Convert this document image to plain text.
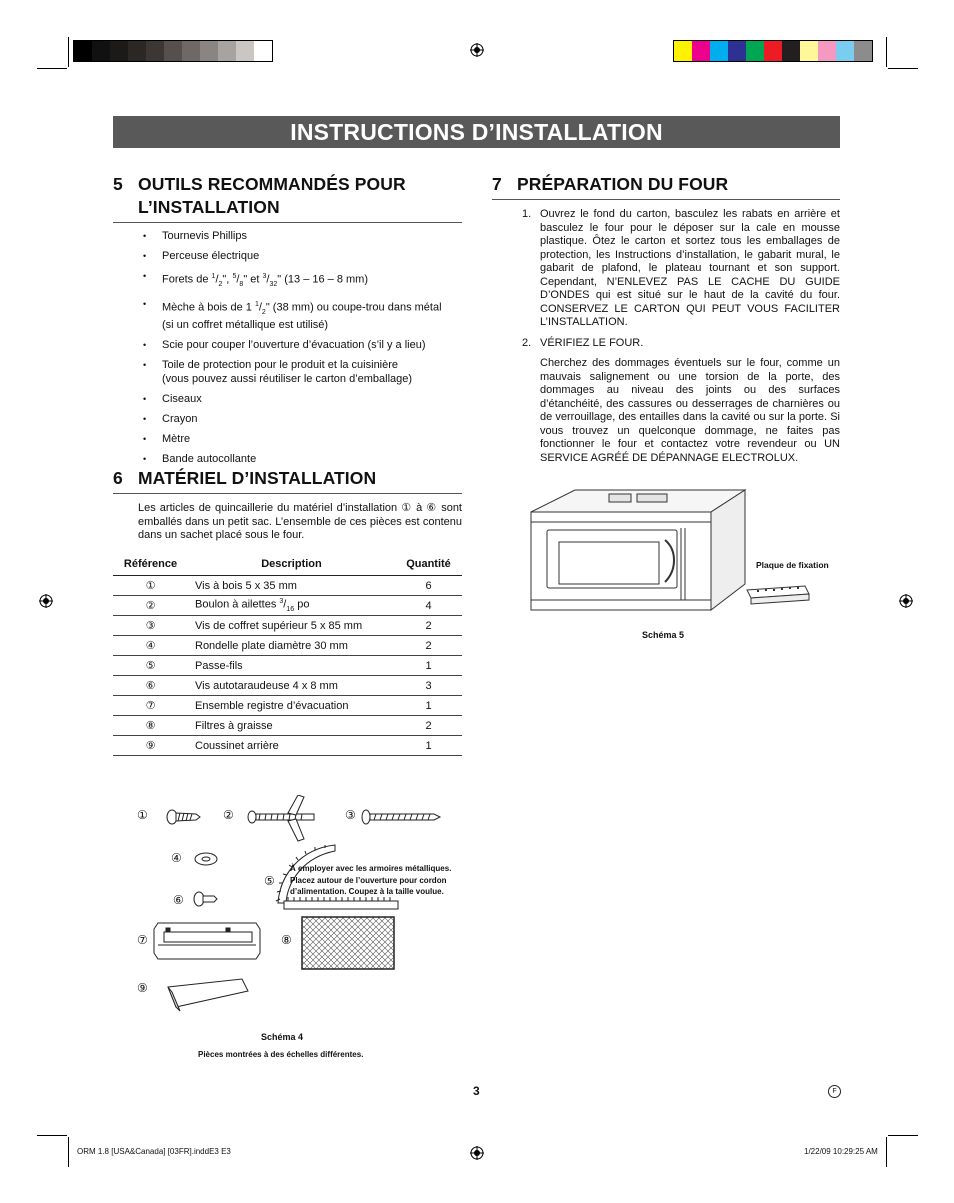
INSTRUCTIONS D’INSTALLATION
5 OUTILS RECOMMANDÉS POUR
L’INSTALLATION
• Tournevis Phillips
• Perceuse électrique
• Forets de $^1/_2$", $^5/_8$" et $^3/_{32}$" (13 – 16 – 8 mm)
• Mèche à bois de 1 $^1/_2$" (38 mm) ou coupe-trou dans métal
(si un coffret métallique est utilisé)
• Scie pour couper l’ouverture d’évacuation (s’il y a lieu)
• Toile de protection pour le produit et la cuisinière
(vous pouvez aussi réutiliser le carton d’emballage)
• Ciseaux
• Crayon
• Mètre
• Bande autocollante
6 MATÉRIEL D’INSTALLATION
Les articles de quincaillerie du matériel d’installation ① à ⑥ sont emballés dans un petit sac. L’ensemble de ces pièces est contenu dans un sachet placé sous le four.
Référence	Description	Quantité
①	Vis à bois 5 x 35 mm	6
②	Boulon à ailettes $^3/_{16}$ po	4
③	Vis de coffret supérieur 5 x 85 mm	2
④	Rondelle plate diamètre 30 mm	2
⑤	Passe-fils	1
⑥	Vis autotaraudeuse 4 x 8 mm	3
⑦	Ensemble registre d’évacuation	1
⑧	Filtres à graisse	2
⑨	Coussinet arrière	1
①	②	③
④
⑤
⑥
⑦	⑧
⑨
À employer avec les armoires métalliques.
Placez autour de l’ouverture pour cordon
d’alimentation. Coupez à la taille voulue.
Schéma 4
Pièces montrées à des échelles différentes.
7 PRÉPARATION DU FOUR
1. Ouvrez le fond du carton, basculez les rabats en arrière et basculez le four pour le déposer sur la cale en mousse plastique. Ôtez le carton et sortez tous les emballages de protection, les Instructions d’installation, le gabarit mural, le gabarit de plafond, le plateau tournant et son support. Cependant, N’ENLEVEZ PAS LE CACHE DU GUIDE D’ONDES qui est situé sur le haut de la cavité du four. CONSERVEZ LE CARTON QUI PEUT VOUS FACILITER L’INSTALLATION.

2. VÉRIFIEZ LE FOUR.

Cherchez des dommages éventuels sur le four, comme un mauvais salignement ou une torsion de la porte, des dommages au niveau des joints ou des surfaces d’étanchéité, des cassures ou desserrages de charnières ou de verrouillage, des entailles dans la cavité ou sur la porte. Si vous trouvez un quelconque dommage, ne faites pas fonctionner le four et contactez votre revendeur ou UN SERVICE AGRÉÉ DE DÉPANNAGE ELECTROLUX.

Plaque de fixation
Schéma 5
3	F
ORM 1.8 [USA&Canada] [03FR].inddE3 E3	1/22/09 10:29:25 AM
